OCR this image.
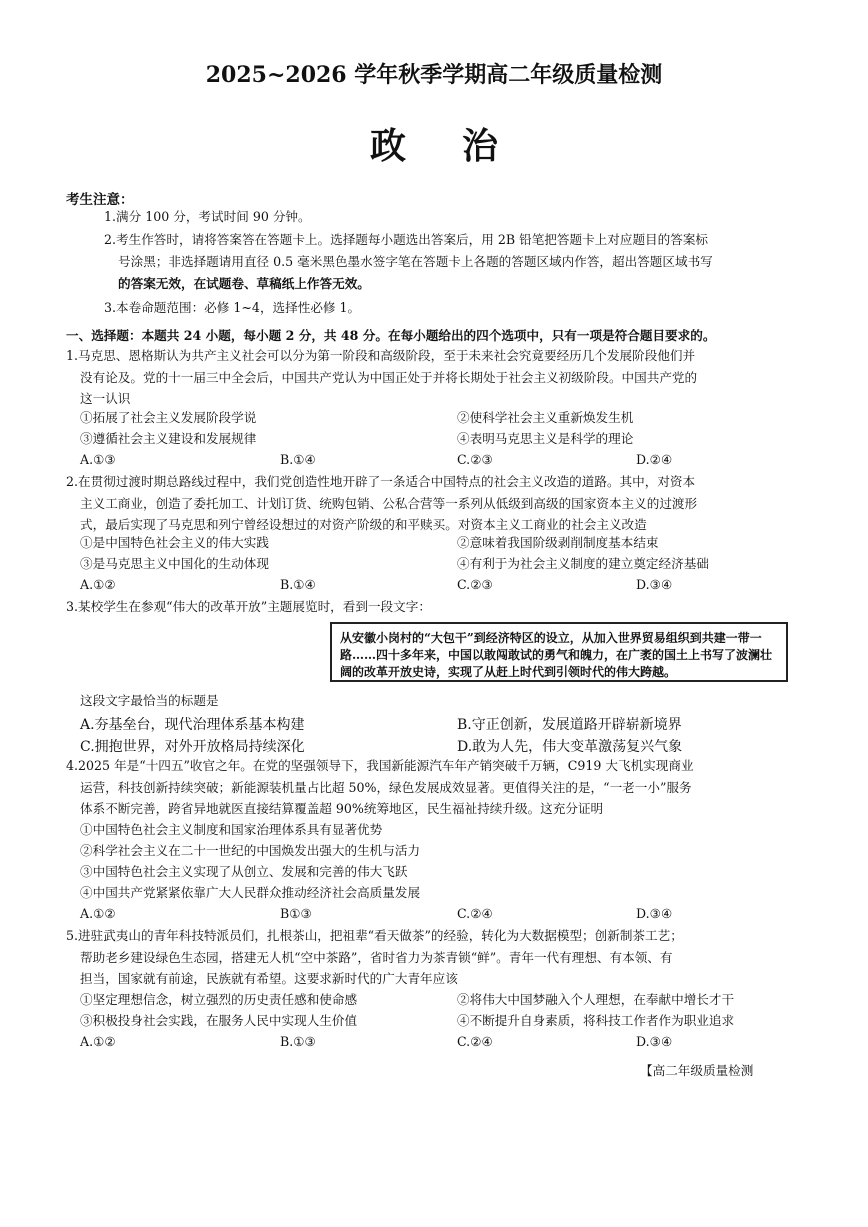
2025~2026 学年秋季学期高二年级质量检测
政 治
考生注意：
1.满分 100 分，考试时间 90 分钟。
2.考生作答时，请将答案答在答题卡上。选择题每小题选出答案后，用 2B 铅笔把答题卡上对应题目的答案标
号涂黑；非选择题请用直径 0.5 毫米黑色墨水签字笔在答题卡上各题的答题区域内作答，超出答题区域书写
的答案无效，在试题卷、草稿纸上作答无效。
3.本卷命题范围：必修 1~4，选择性必修 1。
一、选择题：本题共 24 小题，每小题 2 分，共 48 分。在每小题给出的四个选项中，只有一项是符合题目要求的。
1.马克思、恩格斯认为共产主义社会可以分为第一阶段和高级阶段，至于未来社会究竟要经历几个发展阶段他们并
没有论及。党的十一届三中全会后，中国共产党认为中国正处于并将长期处于社会主义初级阶段。中国共产党的
这一认识
①拓展了社会主义发展阶段学说	②使科学社会主义重新焕发生机
③遵循社会主义建设和发展规律	④表明马克思主义是科学的理论
A.①③	B.①④	C.②③	D.②④
2.在贯彻过渡时期总路线过程中，我们党创造性地开辟了一条适合中国特点的社会主义改造的道路。其中，对资本
主义工商业，创造了委托加工、计划订货、统购包销、公私合营等一系列从低级到高级的国家资本主义的过渡形
式，最后实现了马克思和列宁曾经设想过的对资产阶级的和平赎买。对资本主义工商业的社会主义改造
①是中国特色社会主义的伟大实践	②意味着我国阶级剥削制度基本结束
③是马克思主义中国化的生动体现	④有利于为社会主义制度的建立奠定经济基础
A.①②	B.①④	C.②③	D.③④
3.某校学生在参观“伟大的改革开放”主题展览时，看到一段文字：
从安徽小岗村的“大包干”到经济特区的设立，从加入世界贸易组织到共建一带一路……四十多年来，中国以敢闯敢试的勇气和魄力，在广袤的国土上书写了波澜壮阔的改革开放史诗，实现了从赶上时代到引领时代的伟大跨越。
这段文字最恰当的标题是
A.夯基垒台，现代治理体系基本构建	B.守正创新，发展道路开辟崭新境界
C.拥抱世界，对外开放格局持续深化	D.敢为人先，伟大变革激荡复兴气象
4.2025 年是“十四五”收官之年。在党的坚强领导下，我国新能源汽车年产销突破千万辆，C919 大飞机实现商业
运营，科技创新持续突破；新能源装机量占比超 50%，绿色发展成效显著。更值得关注的是，“一老一小”服务
体系不断完善，跨省异地就医直接结算覆盖超 90%统筹地区，民生福祉持续升级。这充分证明
①中国特色社会主义制度和国家治理体系具有显著优势
②科学社会主义在二十一世纪的中国焕发出强大的生机与活力
③中国特色社会主义实现了从创立、发展和完善的伟大飞跃
④中国共产党紧紧依靠广大人民群众推动经济社会高质量发展
A.①②	B①③	C.②④	D.③④
5.进驻武夷山的青年科技特派员们，扎根茶山，把祖辈“看天做茶”的经验，转化为大数据模型；创新制茶工艺；
帮助老乡建设绿色生态园，搭建无人机“空中茶路”，省时省力为茶青锁“鲜”。青年一代有理想、有本领、有
担当，国家就有前途，民族就有希望。这要求新时代的广大青年应该
①坚定理想信念，树立强烈的历史责任感和使命感	②将伟大中国梦融入个人理想，在奉献中增长才干
③积极投身社会实践，在服务人民中实现人生价值	④不断提升自身素质，将科技工作者作为职业追求
A.①②	B.①③	C.②④	D.③④
【高二年级质量检测
